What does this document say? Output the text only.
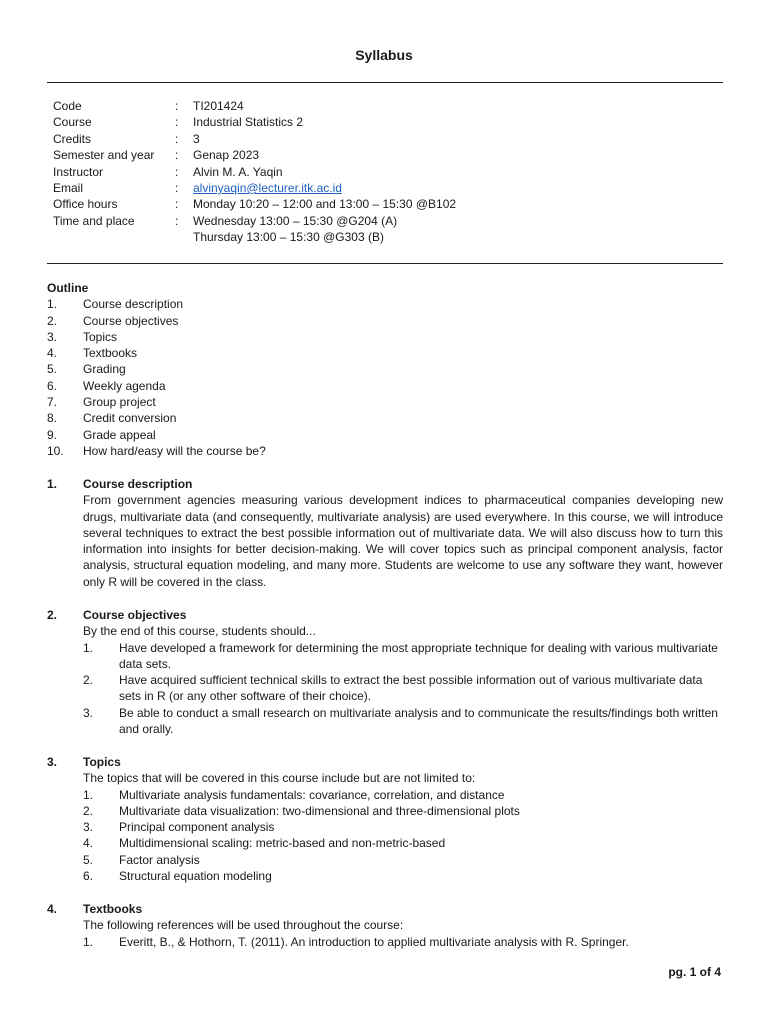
Syllabus
Code	:	TI201424
Course	:	Industrial Statistics 2
Credits	:	3
Semester and year	:	Genap 2023
Instructor	:	Alvin M. A. Yaqin
Email	:	alvinyaqin@lecturer.itk.ac.id
Office hours	:	Monday 10:20 – 12:00 and 13:00 – 15:30 @B102
Time and place	:	Wednesday 13:00 – 15:30 @G204 (A)
Thursday 13:00 – 15:30 @G303 (B)
Outline
1.	Course description
2.	Course objectives
3.	Topics
4.	Textbooks
5.	Grading
6.	Weekly agenda
7.	Group project
8.	Credit conversion
9.	Grade appeal
10.	How hard/easy will the course be?
1.	Course description
From government agencies measuring various development indices to pharmaceutical companies developing new drugs, multivariate data (and consequently, multivariate analysis) are used everywhere. In this course, we will introduce several techniques to extract the best possible information out of multivariate data. We will also discuss how to turn this information into insights for better decision-making. We will cover topics such as principal component analysis, factor analysis, structural equation modeling, and many more. Students are welcome to use any software they want, however only R will be covered in the class.
2.	Course objectives
By the end of this course, students should...
1.	Have developed a framework for determining the most appropriate technique for dealing with various multivariate data sets.
2.	Have acquired sufficient technical skills to extract the best possible information out of various multivariate data sets in R (or any other software of their choice).
3.	Be able to conduct a small research on multivariate analysis and to communicate the results/findings both written and orally.
3.	Topics
The topics that will be covered in this course include but are not limited to:
1.	Multivariate analysis fundamentals: covariance, correlation, and distance
2.	Multivariate data visualization: two-dimensional and three-dimensional plots
3.	Principal component analysis
4.	Multidimensional scaling: metric-based and non-metric-based
5.	Factor analysis
6.	Structural equation modeling
4.	Textbooks
The following references will be used throughout the course:
1.	Everitt, B., & Hothorn, T. (2011). An introduction to applied multivariate analysis with R. Springer.
pg. 1 of 4
